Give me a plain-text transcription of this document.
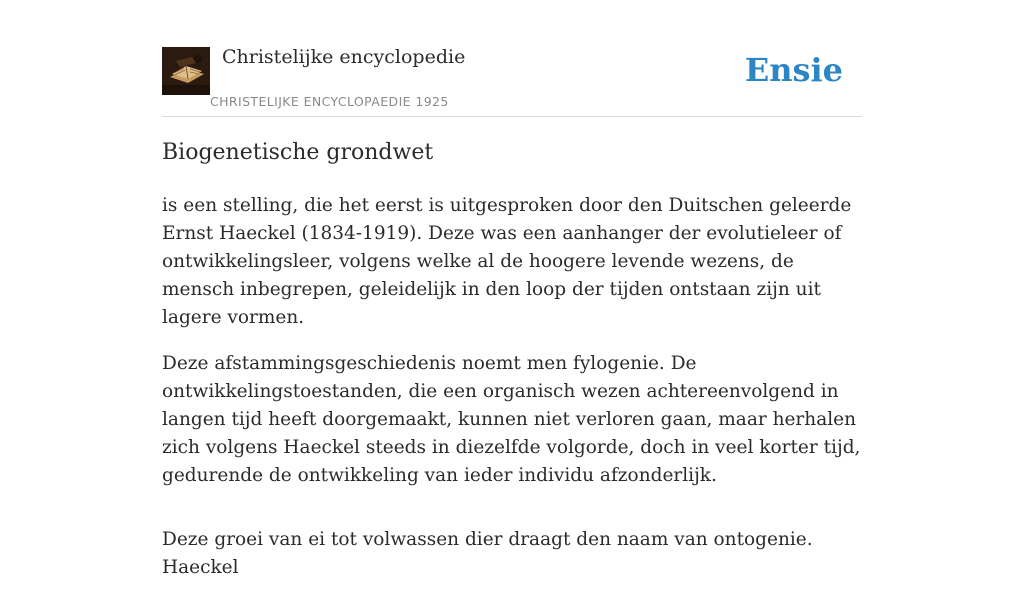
Christelijke encyclopedie
CHRISTELIJKE ENCYCLOPAEDIE 1925
Ensie
Biogenetische grondwet

is een stelling, die het eerst is uitgesproken door den Duitschen geleerde Ernst Haeckel (1834-1919). Deze was een aanhanger der evolutieleer of ontwikkelingsleer, volgens welke al de hoogere levende wezens, de mensch inbegrepen, geleidelijk in den loop der tijden ontstaan zijn uit lagere vormen.

Deze afstammingsgeschiedenis noemt men fylogenie. De ontwikkelingstoestanden, die een organisch wezen achtereenvolgend in langen tijd heeft doorgemaakt, kunnen niet verloren gaan, maar herhalen zich volgens Haeckel steeds in diezelfde volgorde, doch in veel korter tijd, gedurende de ontwikkeling van ieder individu afzonderlijk.

Deze groei van ei tot volwassen dier draagt den naam van ontogenie. Haeckel
